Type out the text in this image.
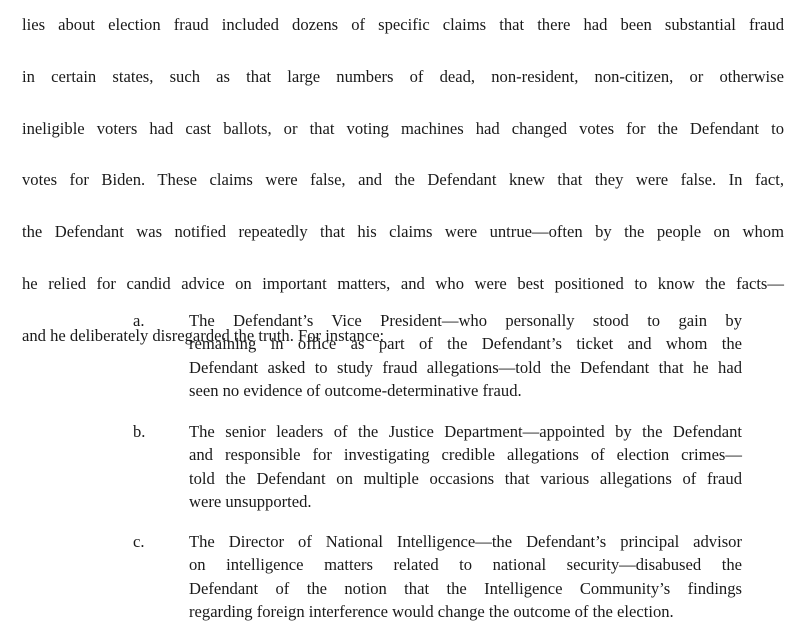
lies about election fraud included dozens of specific claims that there had been substantial fraud
in certain states, such as that large numbers of dead, non-resident, non-citizen, or otherwise
ineligible voters had cast ballots, or that voting machines had changed votes for the Defendant to
votes for Biden. These claims were false, and the Defendant knew that they were false. In fact,
the Defendant was notified repeatedly that his claims were untrue—often by the people on whom
he relied for candid advice on important matters, and who were best positioned to know the facts—
and he deliberately disregarded the truth. For instance:
a.	The Defendant’s Vice President—who personally stood to gain by
remaining in office as part of the Defendant’s ticket and whom the
Defendant asked to study fraud allegations—told the Defendant that he had
seen no evidence of outcome-determinative fraud.
b.	The senior leaders of the Justice Department—appointed by the Defendant
and responsible for investigating credible allegations of election crimes—
told the Defendant on multiple occasions that various allegations of fraud
were unsupported.
c.	The Director of National Intelligence—the Defendant’s principal advisor
on intelligence matters related to national security—disabused the
Defendant of the notion that the Intelligence Community’s findings
regarding foreign interference would change the outcome of the election.
